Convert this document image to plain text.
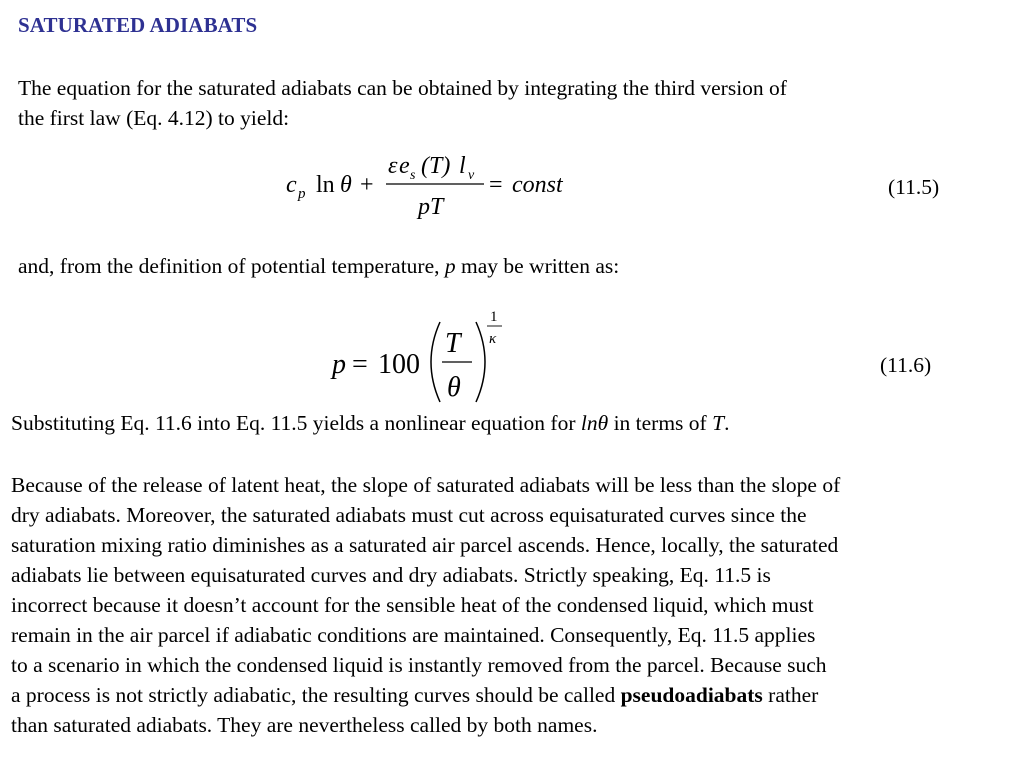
SATURATED ADIABATS
The equation for the saturated adiabats can be obtained by integrating the third version of
the first law (Eq. 4.12) to yield:
c p ln θ +
ε e s (T) l v
pT
= const	(11.5)
and, from the definition of potential temperature, p may be written as:
p = 100
T
θ
1
κ
(11.6)
Substituting Eq. 11.6 into Eq. 11.5 yields a nonlinear equation for lnθ in terms of T.
Because of the release of latent heat, the slope of saturated adiabats will be less than the slope of
dry adiabats. Moreover, the saturated adiabats must cut across equisaturated curves since the
saturation mixing ratio diminishes as a saturated air parcel ascends. Hence, locally, the saturated
adiabats lie between equisaturated curves and dry adiabats. Strictly speaking, Eq. 11.5 is
incorrect because it doesn’t account for the sensible heat of the condensed liquid, which must
remain in the air parcel if adiabatic conditions are maintained. Consequently, Eq. 11.5 applies
to a scenario in which the condensed liquid is instantly removed from the parcel. Because such
a process is not strictly adiabatic, the resulting curves should be called pseudoadiabats rather
than saturated adiabats. They are nevertheless called by both names.
